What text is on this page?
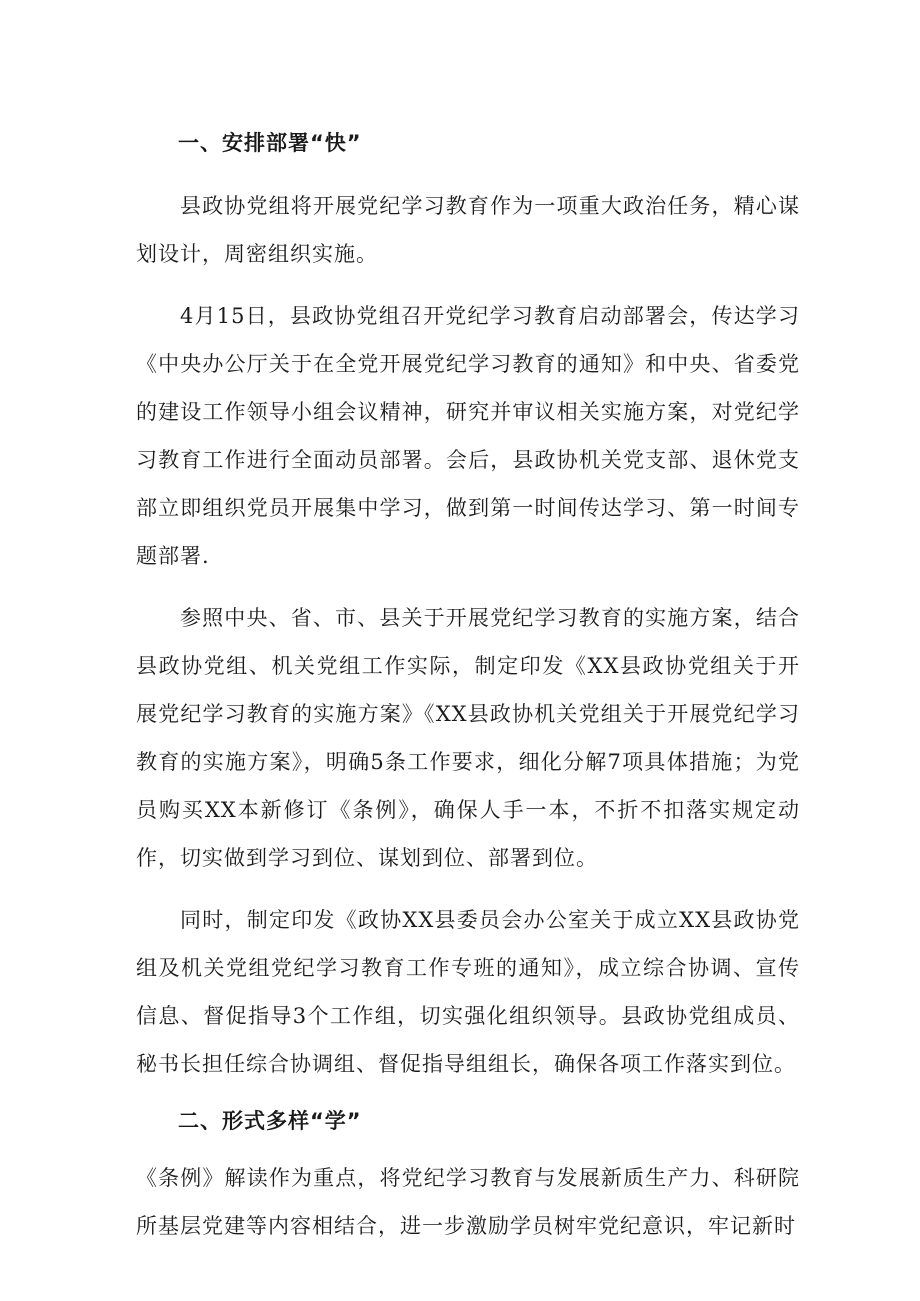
一、安排部署“快”

县政协党组将开展党纪学习教育作为一项重大政治任务，精心谋划设计，周密组织实施。

4月15日，县政协党组召开党纪学习教育启动部署会，传达学习《中央办公厅关于在全党开展党纪学习教育的通知》和中央、省委党的建设工作领导小组会议精神，研究并审议相关实施方案，对党纪学习教育工作进行全面动员部署。会后，县政协机关党支部、退休党支部立即组织党员开展集中学习，做到第一时间传达学习、第一时间专题部署.

参照中央、省、市、县关于开展党纪学习教育的实施方案，结合县政协党组、机关党组工作实际，制定印发《XX县政协党组关于开展党纪学习教育的实施方案》《XX县政协机关党组关于开展党纪学习教育的实施方案》，明确5条工作要求，细化分解7项具体措施；为党员购买XX本新修订《条例》，确保人手一本，不折不扣落实规定动作，切实做到学习到位、谋划到位、部署到位。

同时，制定印发《政协XX县委员会办公室关于成立XX县政协党组及机关党组党纪学习教育工作专班的通知》，成立综合协调、宣传信息、督促指导3个工作组，切实强化组织领导。县政协党组成员、秘书长担任综合协调组、督促指导组组长，确保各项工作落实到位。

二、形式多样“学”

《条例》解读作为重点，将党纪学习教育与发展新质生产力、科研院所基层党建等内容相结合，进一步激励学员树牢党纪意识，牢记新时
